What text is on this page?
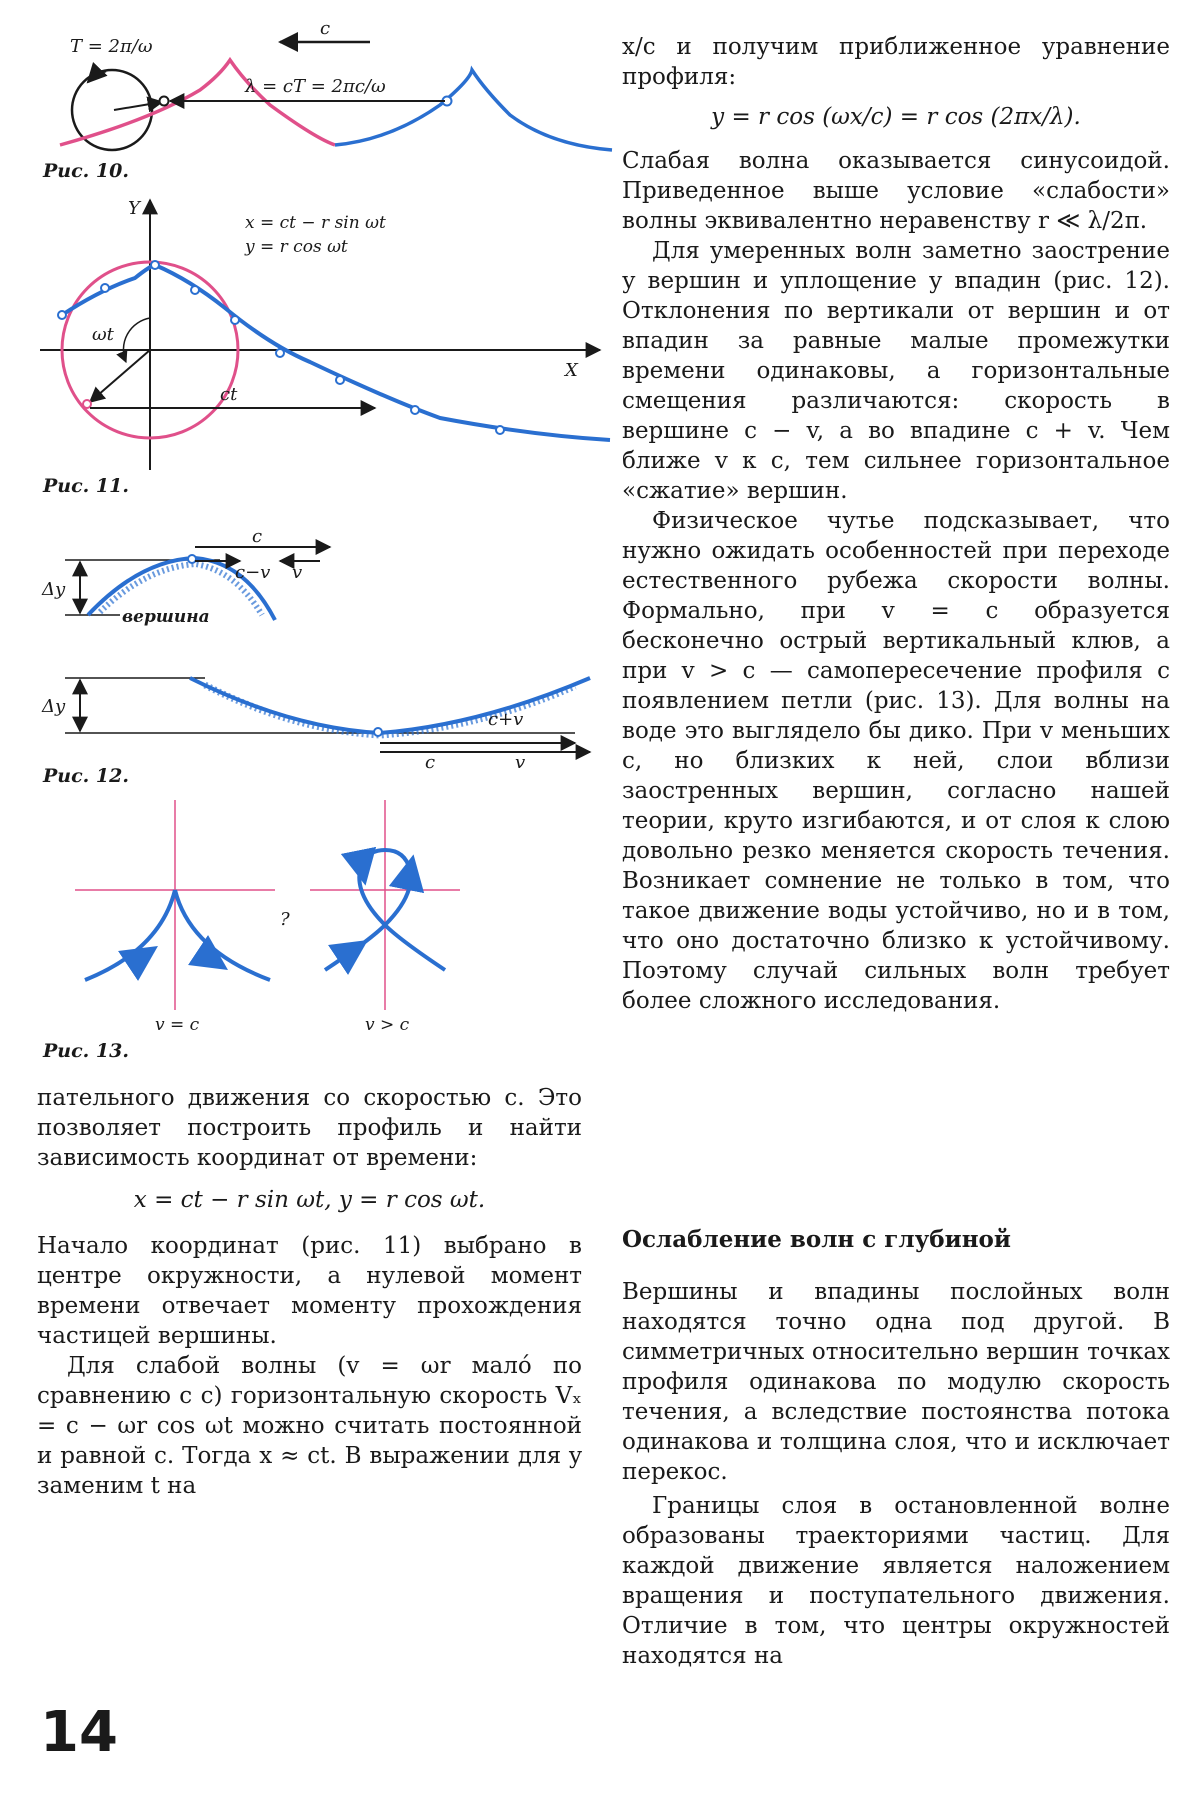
c
T = 2π/ω
λ = cT = 2πc/ω
Рис. 10.
Y
X
ωt
ct
x = ct − r sin ωt
y = r cos ωt
Рис. 11.
Δy
c
c−v v
вершина
Δy
c+v
c	v
Рис. 12.
v = c
?
v > c
Рис. 13.

пательного движения со скоростью c. Это позволяет построить профиль и найти зависимость координат от времени:

x = ct − r sin ωt, y = r cos ωt.

Начало координат (рис. 11) выбрано в центре окружности, а нулевой момент времени отвечает моменту прохождения частицей вершины.

Для слабой волны (v = ωr мало́ по сравнению с c) горизонтальную скорость Vₓ = c − ωr cos ωt можно считать постоянной и равной c. Тогда x ≈ ct. В выражении для y заменим t на

x/c и получим приближенное уравнение профиля:

y = r cos (ωx/c) = r cos (2πx/λ).

Слабая волна оказывается синусоидой. Приведенное выше условие «слабости» волны эквивалентно неравенству r ≪ λ/2π.

Для умеренных волн заметно заострение у вершин и уплощение у впадин (рис. 12). Отклонения по вертикали от вершин и от впадин за равные малые промежутки времени одинаковы, а горизонтальные смещения различаются: скорость в вершине c − v, а во впадине c + v. Чем ближе v к c, тем сильнее горизонтальное «сжатие» вершин.

Физическое чутье подсказывает, что нужно ожидать особенностей при переходе естественного рубежа скорости волны. Формально, при v = c образуется бесконечно острый вертикальный клюв, а при v > c — самопересечение профиля с появлением петли (рис. 13). Для волны на воде это выглядело бы дико. При v меньших c, но близких к ней, слои вблизи заостренных вершин, согласно нашей теории, круто изгибаются, и от слоя к слою довольно резко меняется скорость течения. Возникает сомнение не только в том, что такое движение воды устойчиво, но и в том, что оно достаточно близко к устойчивому. Поэтому случай сильных волн требует более сложного исследования.

Ослабление волн с глубиной

Вершины и впадины послойных волн находятся точно одна под другой. В симметричных относительно вершин точках профиля одинакова по модулю скорость течения, а вследствие постоянства потока одинакова и толщина слоя, что и исключает перекос.

Границы слоя в остановленной волне образованы траекториями частиц. Для каждой движение является наложением вращения и поступательного движения. Отличие в том, что центры окружностей находятся на

14
